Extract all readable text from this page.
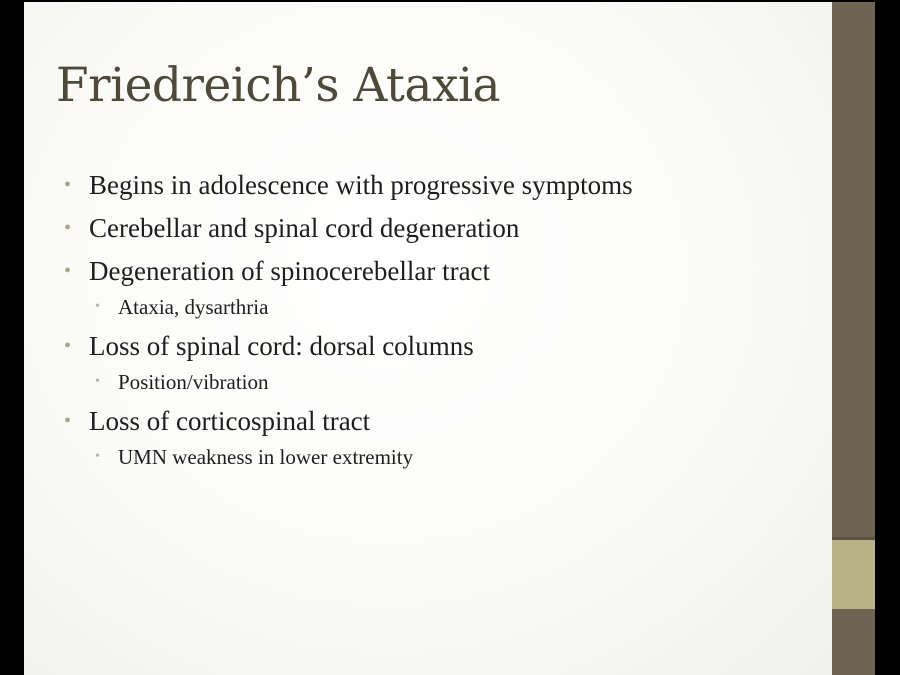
Friedreich’s Ataxia
• Begins in adolescence with progressive symptoms
• Cerebellar and spinal cord degeneration
• Degeneration of spinocerebellar tract
• Ataxia, dysarthria
• Loss of spinal cord: dorsal columns
• Position/vibration
• Loss of corticospinal tract
• UMN weakness in lower extremity
